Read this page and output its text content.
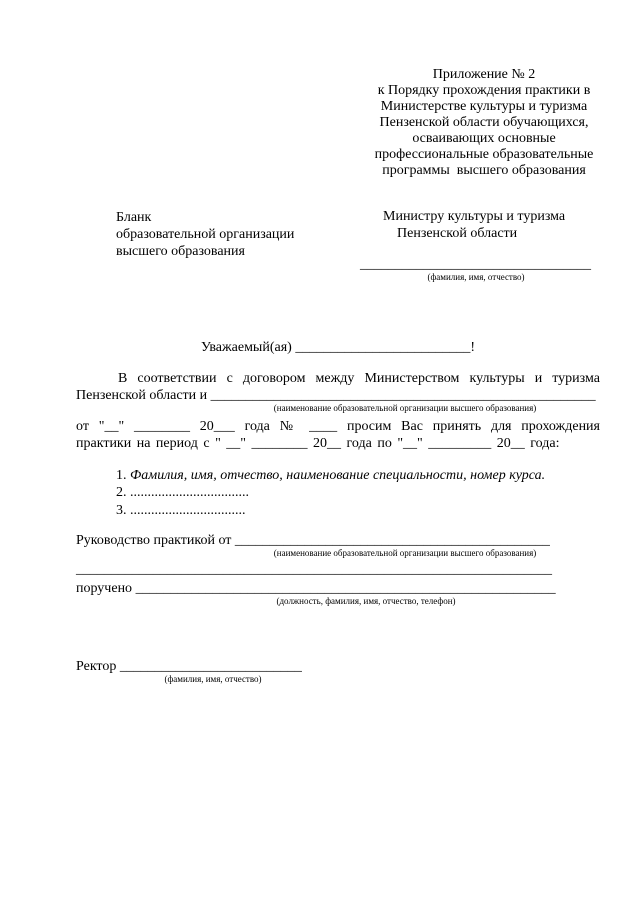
Приложение № 2
к Порядку прохождения практики в
Министерстве культуры и туризма
Пензенской области обучающихся,
осваивающих основные
профессиональные образовательные
программы  высшего образования
Бланк
образовательной организации
высшего образования
Министру культуры и туризма
Пензенской области
_________________________________
(фамилия, имя, отчество)
Уважаемый(ая) _________________________!
В соответствии с договором между Министерством культуры и туризма
Пензенской области и _______________________________________________________
(наименование образовательной организации высшего образования)
от "__" ________ 20___ года № ____ просим Вас принять для прохождения
практики на период с " __" ________ 20__ года по "__" _________ 20__ года:
1. Фамилия, имя, отчество, наименование специальности, номер курса.
2. ..................................
3. .................................
Руководство практикой от _____________________________________________
(наименование образовательной организации высшего образования)
____________________________________________________________________
поручено ____________________________________________________________
(должность, фамилия, имя, отчество, телефон)
Ректор __________________________
(фамилия, имя, отчество)
